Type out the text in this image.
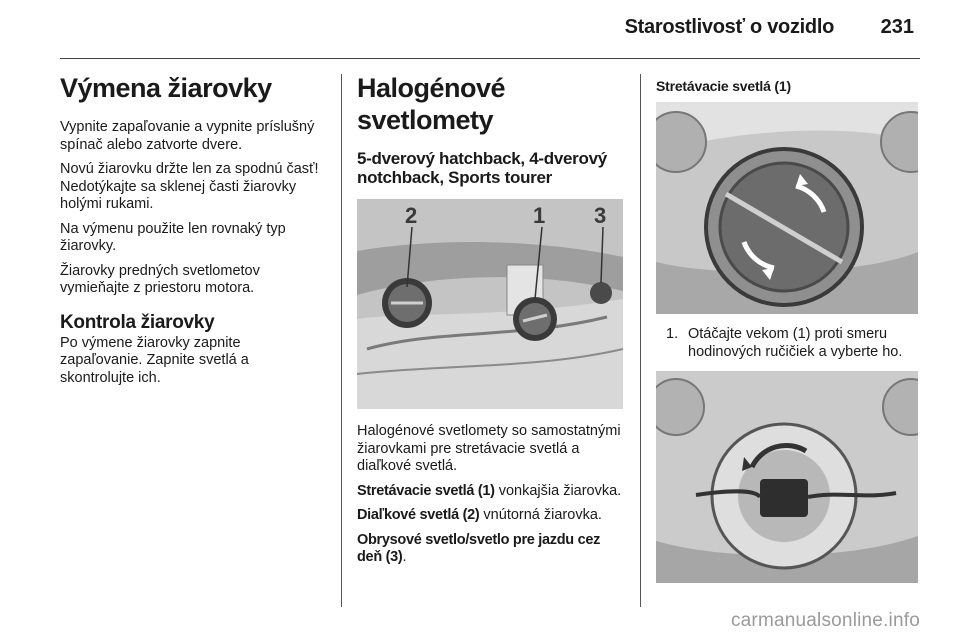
Starostlivosť o vozidlo 231
Výmena žiarovky

Vypnite zapaľovanie a vypnite príslušný spínač alebo zatvorte dvere.

Novú žiarovku držte len za spodnú časť! Nedotýkajte sa sklenej časti žiarovky holými rukami.

Na výmenu použite len rovnaký typ žiarovky.

Žiarovky predných svetlometov vymieňajte z priestoru motora.

Kontrola žiarovky

Po výmene žiarovky zapnite zapaľovanie. Zapnite svetlá a skontrolujte ich.

Halogénové svetlomety
5-dverový hatchback, 4-dverový notchback, Sports tourer
2	1 3

Halogénové svetlomety so samostatnými žiarovkami pre stretávacie svetlá a diaľkové svetlá.

Stretávacie svetlá (1) vonkajšia žiarovka.

Diaľkové svetlá (2) vnútorná žiarovka.

Obrysové svetlo/svetlo pre jazdu cez deň (3).

Stretávacie svetlá (1)
1. Otáčajte vekom (1) proti smeru hodinových ručičiek a vyberte ho.
carmanualsonline.info
